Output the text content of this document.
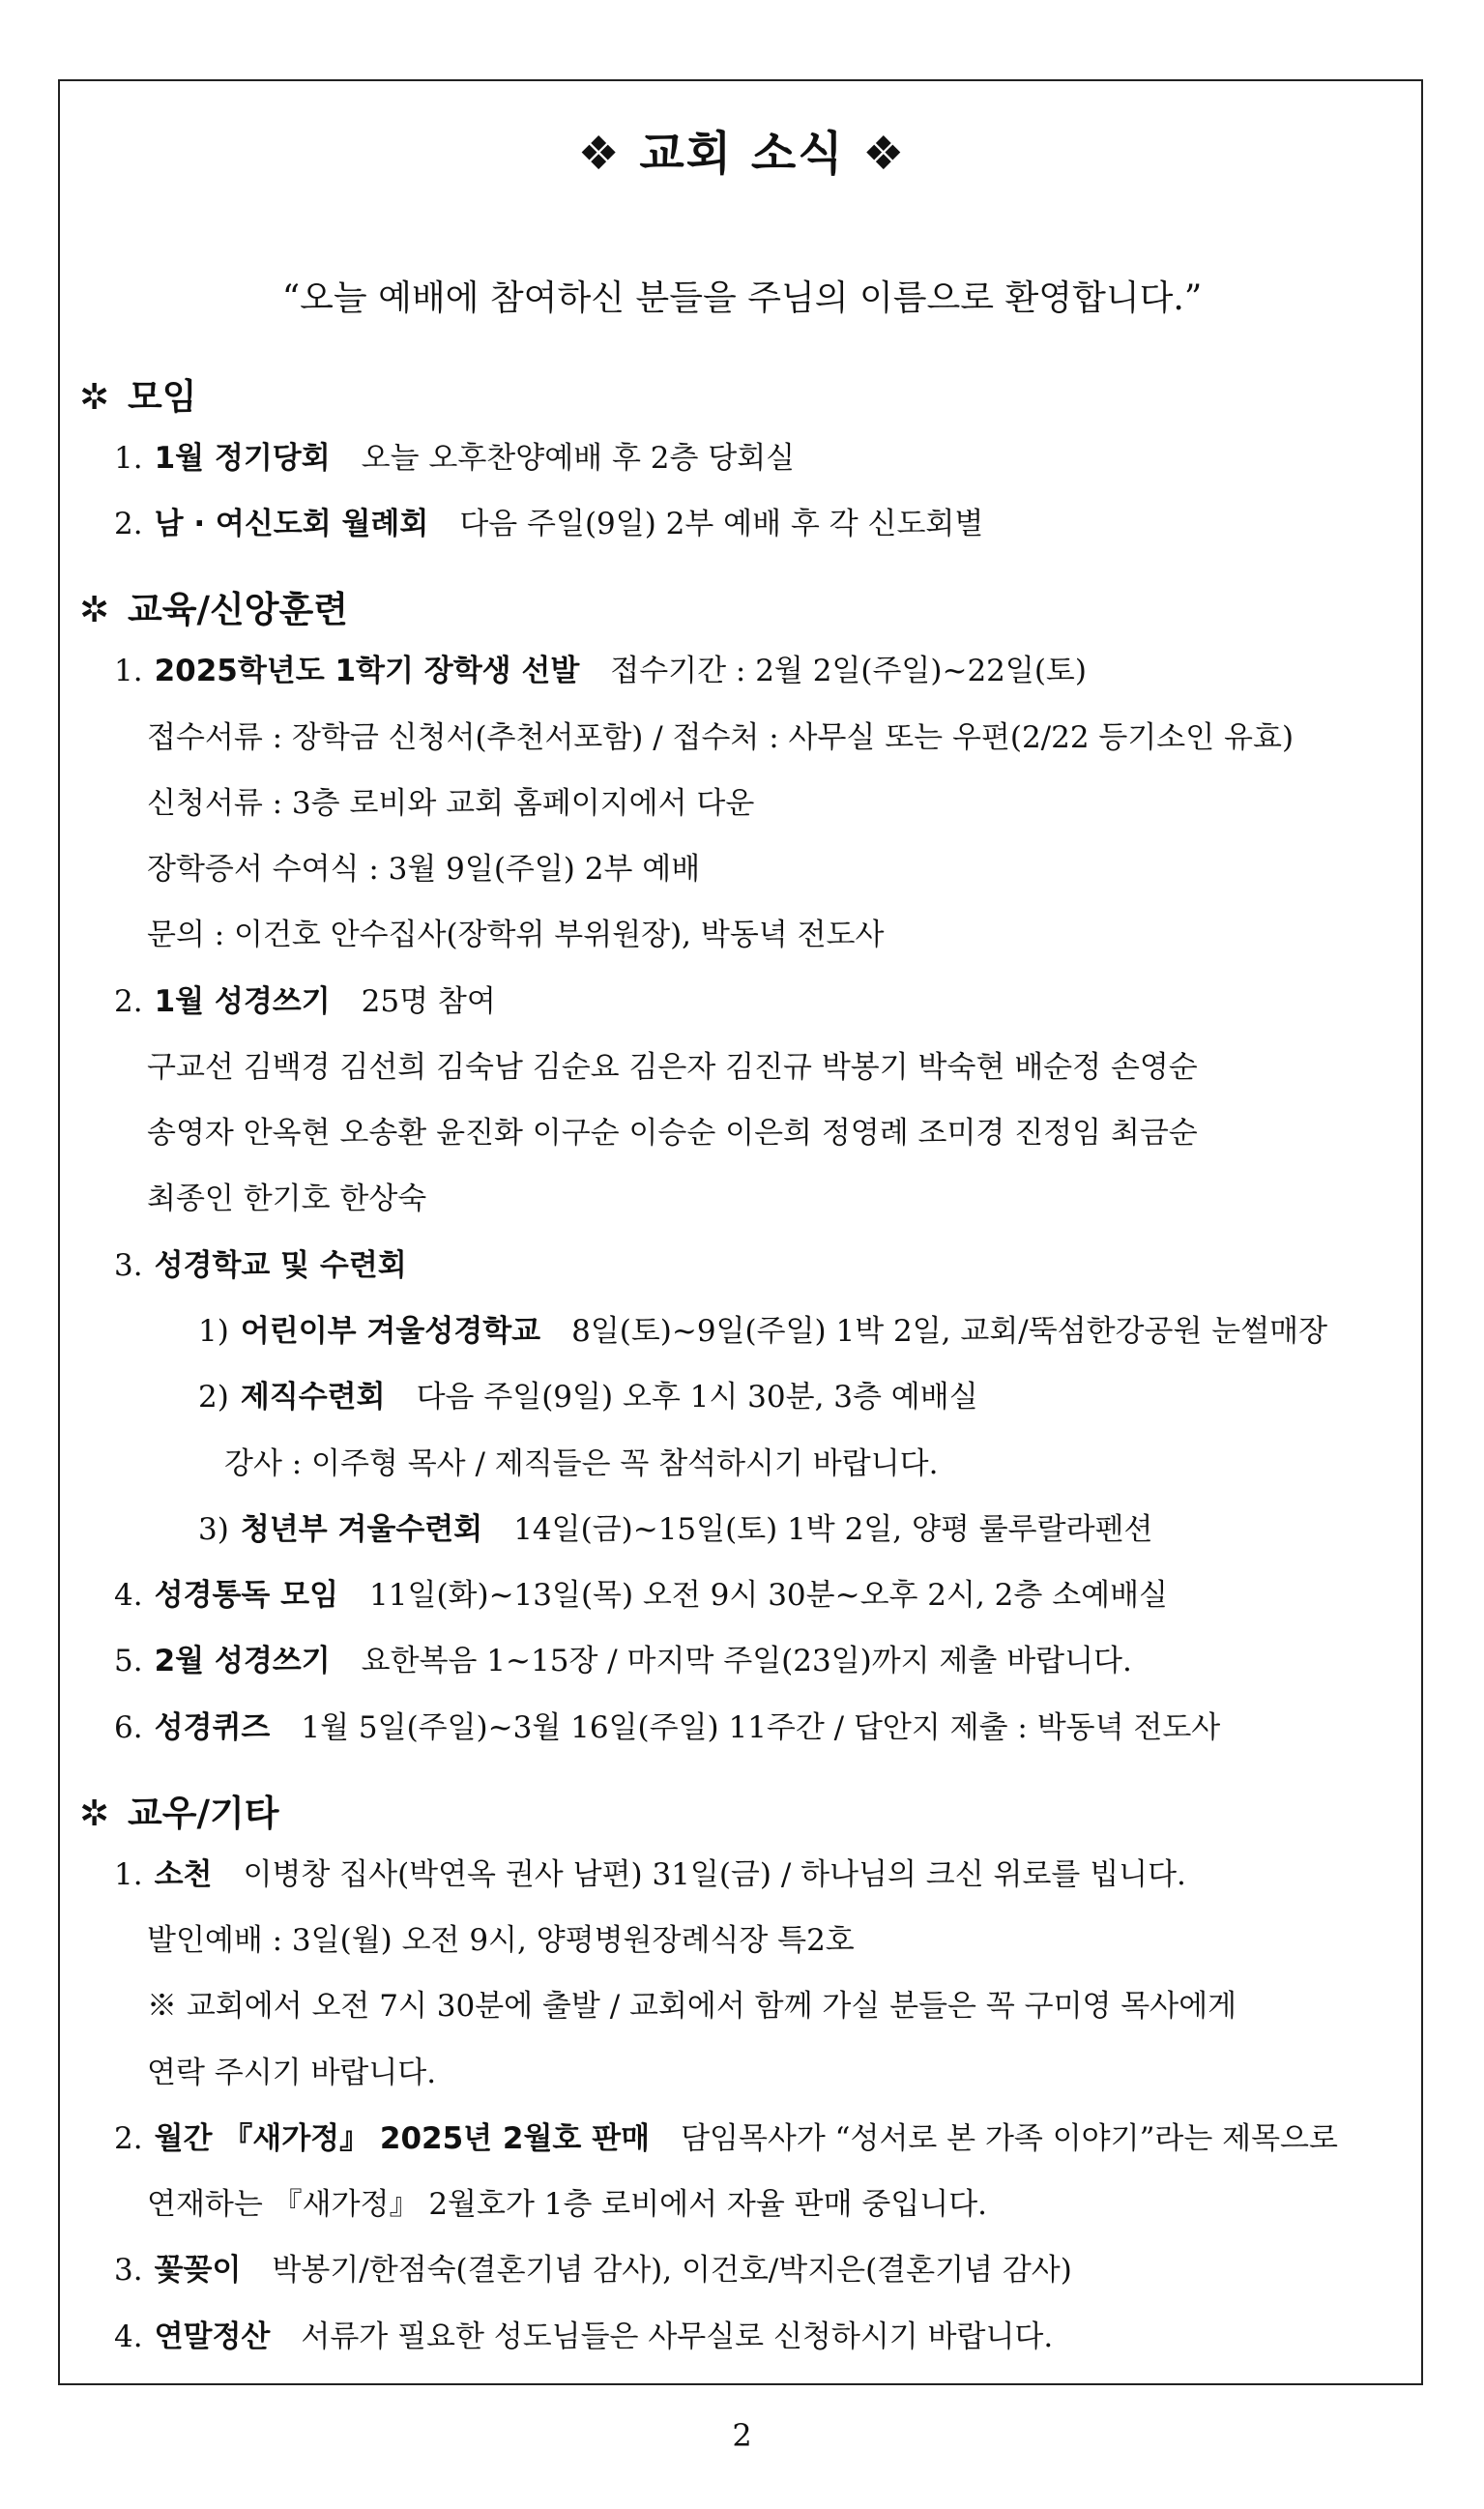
❖ 교회 소식 ❖
“오늘 예배에 참여하신 분들을 주님의 이름으로 환영합니다.”
✲ 모임
1. 1월 정기당회 오늘 오후찬양예배 후 2층 당회실
2. 남 · 여신도회 월례회 다음 주일(9일) 2부 예배 후 각 신도회별
✲ 교육/신앙훈련
1. 2025학년도 1학기 장학생 선발 접수기간 : 2월 2일(주일)~22일(토)
접수서류 : 장학금 신청서(추천서포함) / 접수처 : 사무실 또는 우편(2/22 등기소인 유효)
신청서류 : 3층 로비와 교회 홈페이지에서 다운
장학증서 수여식 : 3월 9일(주일) 2부 예배
문의 : 이건호 안수집사(장학위 부위원장), 박동녁 전도사
2. 1월 성경쓰기 25명 참여
구교선 김백경 김선희 김숙남 김순요 김은자 김진규 박봉기 박숙현 배순정 손영순
송영자 안옥현 오송환 윤진화 이구순 이승순 이은희 정영례 조미경 진정임 최금순
최종인 한기호 한상숙
3. 성경학교 및 수련회
1) 어린이부 겨울성경학교 8일(토)~9일(주일) 1박 2일, 교회/뚝섬한강공원 눈썰매장
2) 제직수련회 다음 주일(9일) 오후 1시 30분, 3층 예배실
강사 : 이주형 목사 / 제직들은 꼭 참석하시기 바랍니다.
3) 청년부 겨울수련회 14일(금)~15일(토) 1박 2일, 양평 룰루랄라펜션
4. 성경통독 모임 11일(화)~13일(목) 오전 9시 30분~오후 2시, 2층 소예배실
5. 2월 성경쓰기 요한복음 1~15장 / 마지막 주일(23일)까지 제출 바랍니다.
6. 성경퀴즈 1월 5일(주일)~3월 16일(주일) 11주간 / 답안지 제출 : 박동녁 전도사
✲ 교우/기타
1. 소천 이병창 집사(박연옥 권사 남편) 31일(금) / 하나님의 크신 위로를 빕니다.
발인예배 : 3일(월) 오전 9시, 양평병원장례식장 특2호
※ 교회에서 오전 7시 30분에 출발 / 교회에서 함께 가실 분들은 꼭 구미영 목사에게
연락 주시기 바랍니다.
2. 월간 『새가정』 2025년 2월호 판매 담임목사가 “성서로 본 가족 이야기”라는 제목으로
연재하는 『새가정』 2월호가 1층 로비에서 자율 판매 중입니다.
3. 꽃꽂이 박봉기/한점숙(결혼기념 감사), 이건호/박지은(결혼기념 감사)
4. 연말정산 서류가 필요한 성도님들은 사무실로 신청하시기 바랍니다.
2
